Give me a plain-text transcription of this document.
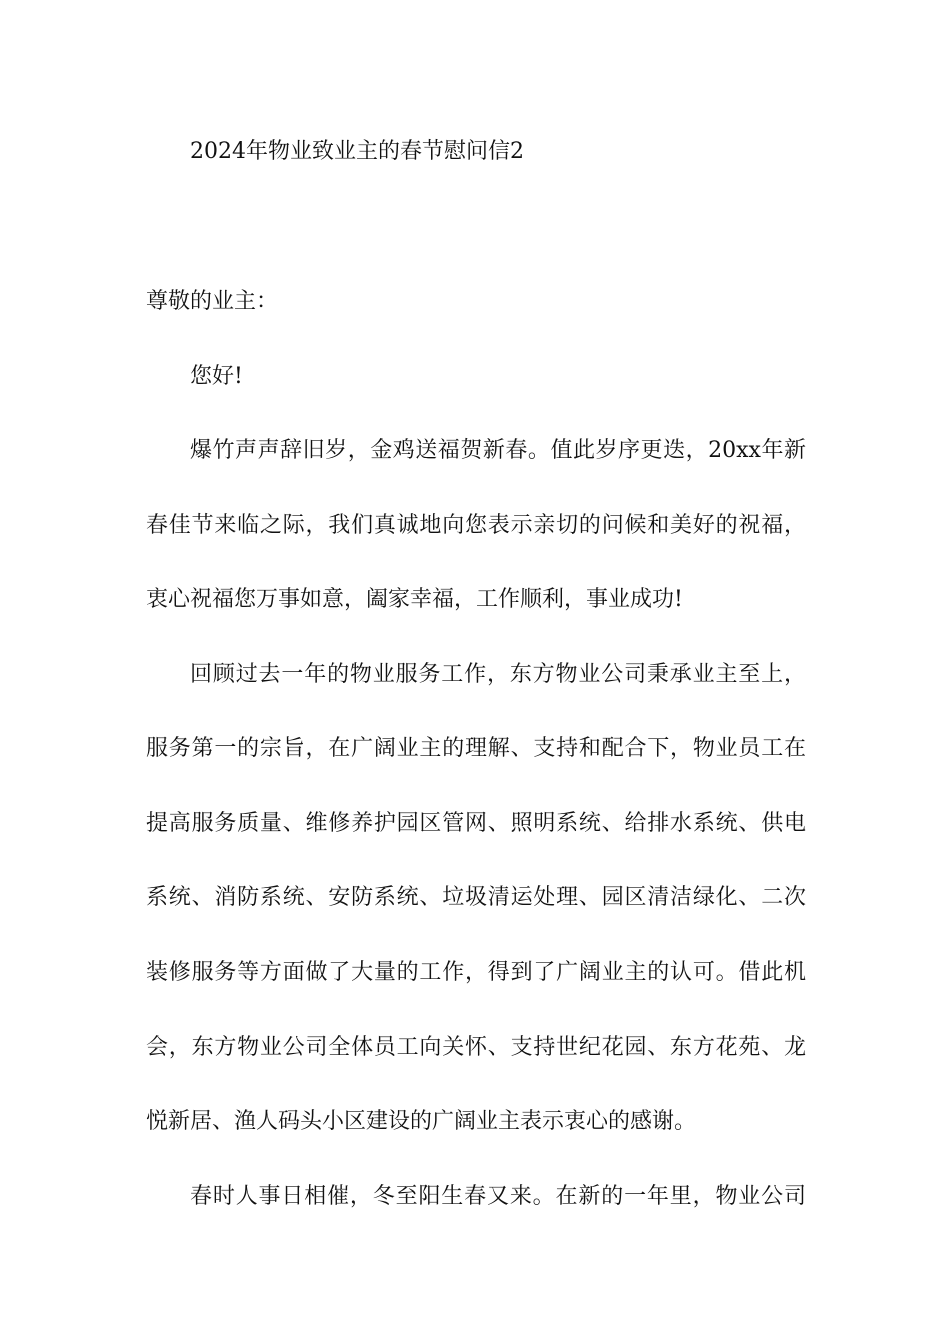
2024年物业致业主的春节慰问信2
尊敬的业主：
您好!
爆竹声声辞旧岁，金鸡送福贺新春。值此岁序更迭，20xx年新
春佳节来临之际，我们真诚地向您表示亲切的问候和美好的祝福，
衷心祝福您万事如意，阖家幸福，工作顺利，事业成功!
回顾过去一年的物业服务工作，东方物业公司秉承业主至上，
服务第一的宗旨，在广阔业主的理解、支持和配合下，物业员工在
提高服务质量、维修养护园区管网、照明系统、给排水系统、供电
系统、消防系统、安防系统、垃圾清运处理、园区清洁绿化、二次
装修服务等方面做了大量的工作，得到了广阔业主的认可。借此机
会，东方物业公司全体员工向关怀、支持世纪花园、东方花苑、龙
悦新居、渔人码头小区建设的广阔业主表示衷心的感谢。
春时人事日相催，冬至阳生春又来。在新的一年里，物业公司
